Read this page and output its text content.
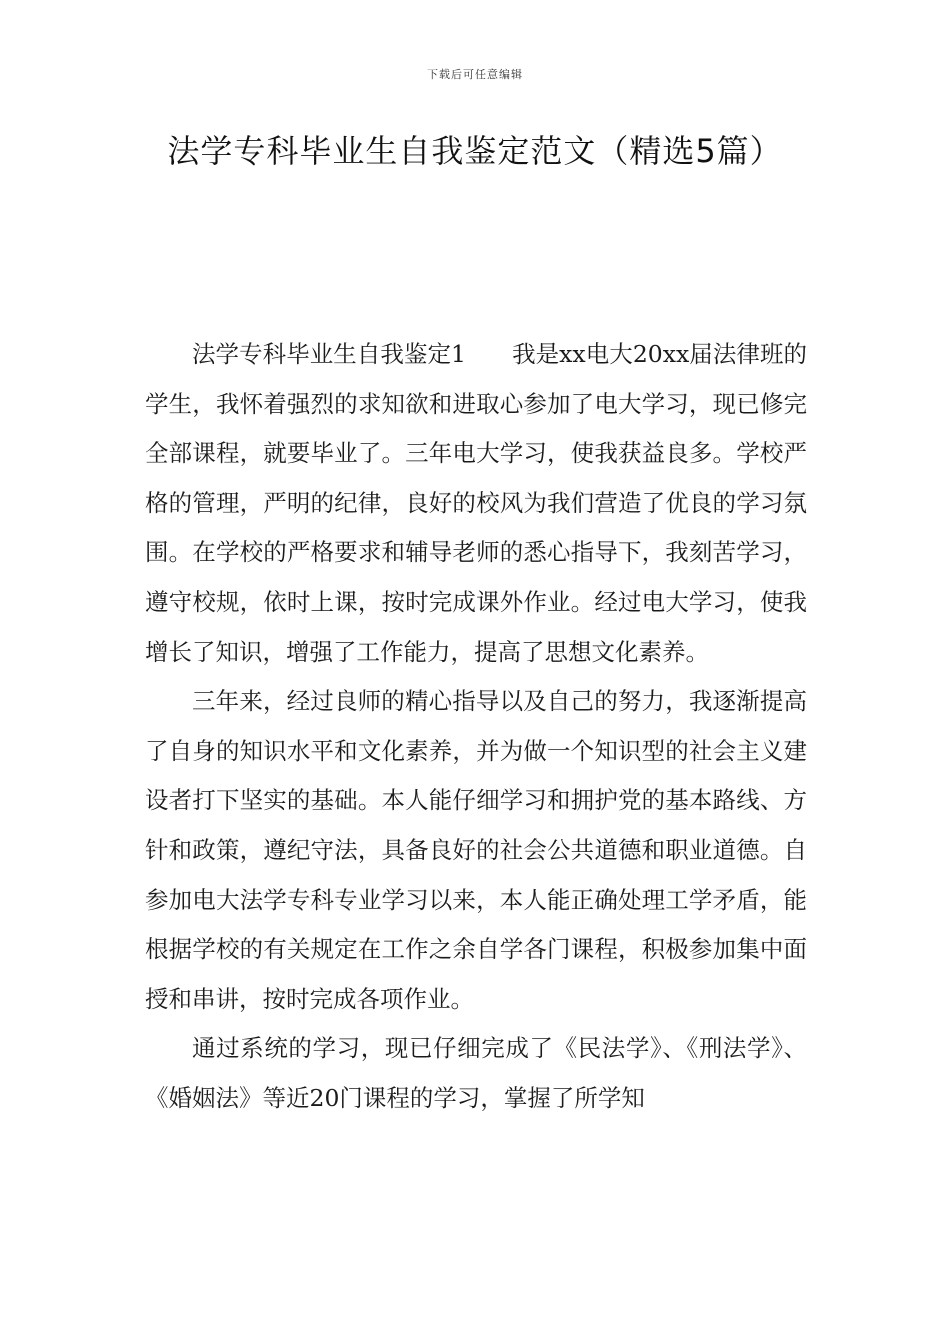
下载后可任意编辑
法学专科毕业生自我鉴定范文（精选5篇）

法学专科毕业生自我鉴定1 我是xx电大20xx届法律班的学生，我怀着强烈的求知欲和进取心参加了电大学习，现已修完全部课程，就要毕业了。三年电大学习，使我获益良多。学校严格的管理，严明的纪律，良好的校风为我们营造了优良的学习氛围。在学校的严格要求和辅导老师的悉心指导下，我刻苦学习，遵守校规，依时上课，按时完成课外作业。经过电大学习，使我增长了知识，增强了工作能力，提高了思想文化素养。

三年来，经过良师的精心指导以及自己的努力，我逐渐提高了自身的知识水平和文化素养，并为做一个知识型的社会主义建设者打下坚实的基础。本人能仔细学习和拥护党的基本路线、方针和政策，遵纪守法，具备良好的社会公共道德和职业道德。自参加电大法学专科专业学习以来，本人能正确处理工学矛盾，能根据学校的有关规定在工作之余自学各门课程，积极参加集中面授和串讲，按时完成各项作业。

通过系统的学习，现已仔细完成了《民法学》、《刑法学》、《婚姻法》等近20门课程的学习，掌握了所学知
